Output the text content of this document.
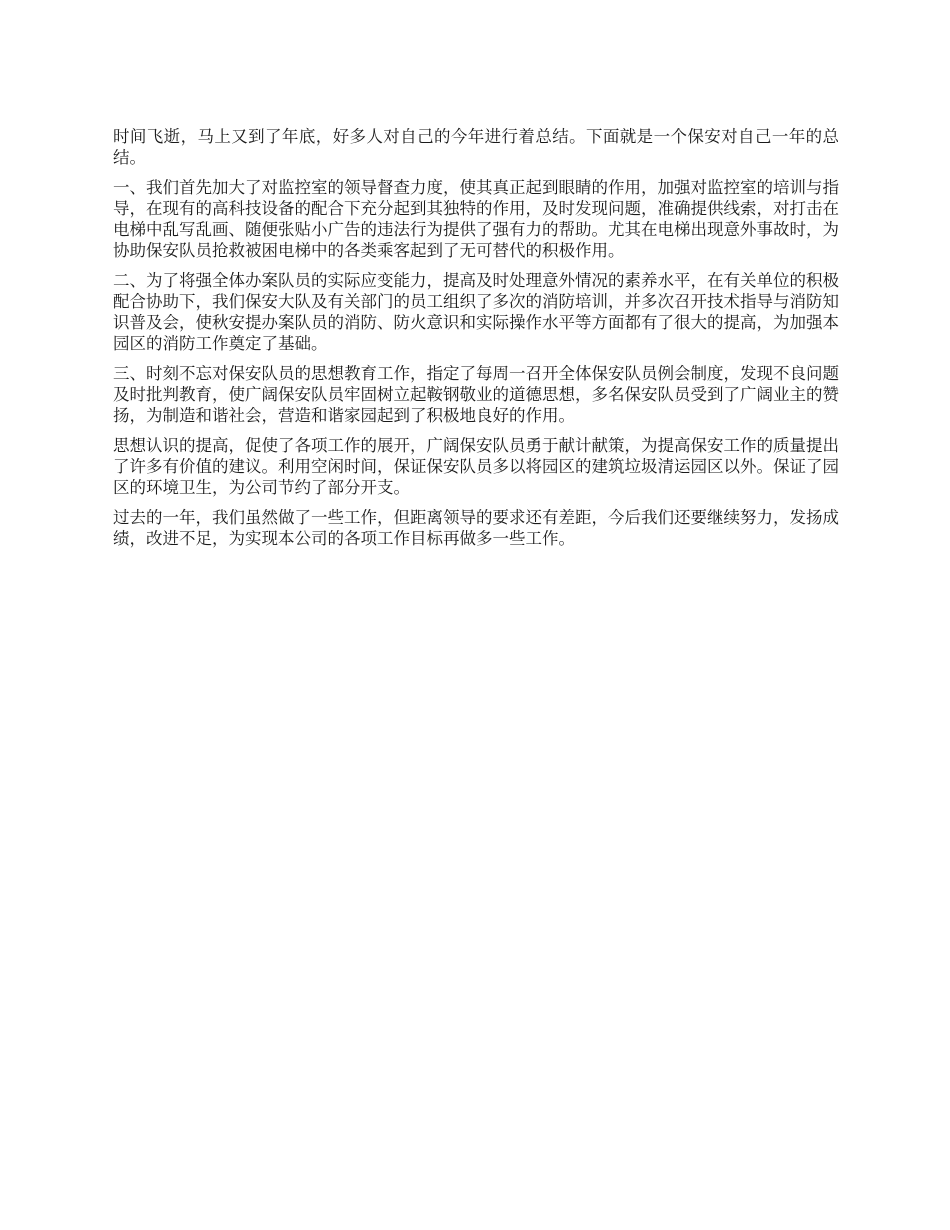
时间飞逝，马上又到了年底，好多人对自己的今年进行着总结。下面就是一个保安对自己一年的总结。

一、我们首先加大了对监控室的领导督查力度，使其真正起到眼睛的作用，加强对监控室的培训与指导，在现有的高科技设备的配合下充分起到其独特的作用，及时发现问题，准确提供线索，对打击在电梯中乱写乱画、随便张贴小广告的违法行为提供了强有力的帮助。尤其在电梯出现意外事故时，为协助保安队员抢救被困电梯中的各类乘客起到了无可替代的积极作用。

二、为了将强全体办案队员的实际应变能力，提高及时处理意外情况的素养水平，在有关单位的积极配合协助下，我们保安大队及有关部门的员工组织了多次的消防培训，并多次召开技术指导与消防知识普及会，使秋安提办案队员的消防、防火意识和实际操作水平等方面都有了很大的提高，为加强本园区的消防工作奠定了基础。

三、时刻不忘对保安队员的思想教育工作，指定了每周一召开全体保安队员例会制度，发现不良问题及时批判教育，使广阔保安队员牢固树立起鞍钢敬业的道德思想，多名保安队员受到了广阔业主的赞扬，为制造和谐社会，营造和谐家园起到了积极地良好的作用。

思想认识的提高，促使了各项工作的展开，广阔保安队员勇于献计献策，为提高保安工作的质量提出了许多有价值的建议。利用空闲时间，保证保安队员多以将园区的建筑垃圾清运园区以外。保证了园区的环境卫生，为公司节约了部分开支。

过去的一年，我们虽然做了一些工作，但距离领导的要求还有差距，今后我们还要继续努力，发扬成绩，改进不足，为实现本公司的各项工作目标再做多一些工作。
